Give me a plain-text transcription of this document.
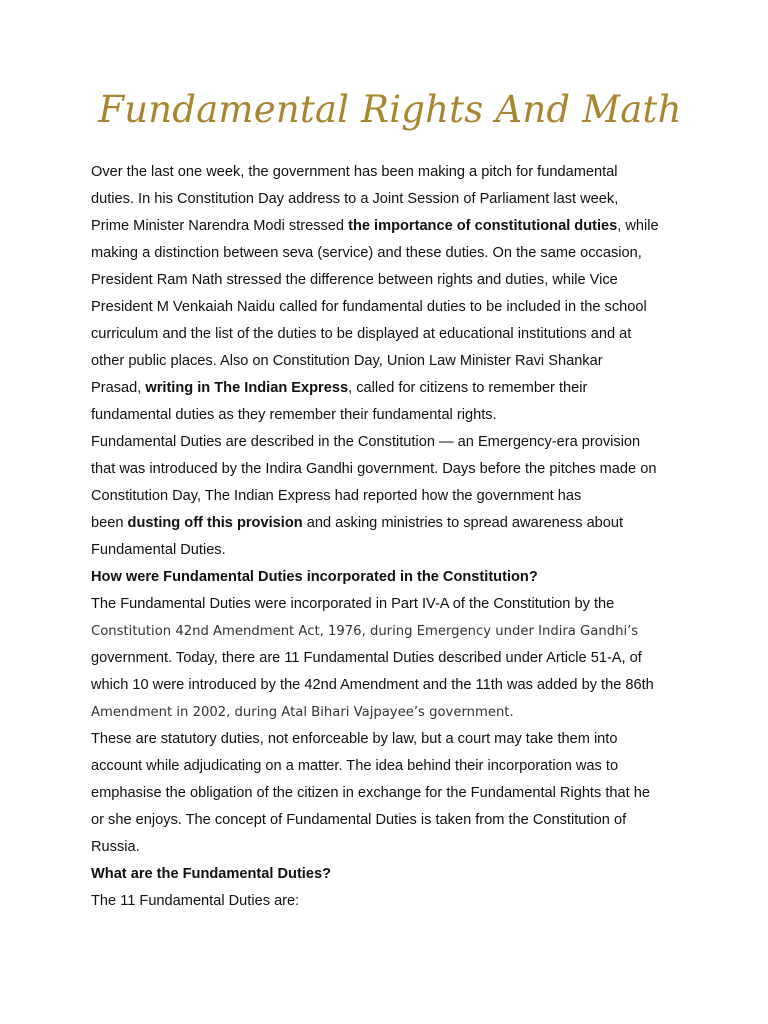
Fundamental Rights And Math
Over the last one week, the government has been making a pitch for fundamental
duties. In his Constitution Day address to a Joint Session of Parliament last week,
Prime Minister Narendra Modi stressed the importance of constitutional duties, while
making a distinction between seva (service) and these duties. On the same occasion,
President Ram Nath stressed the difference between rights and duties, while Vice
President M Venkaiah Naidu called for fundamental duties to be included in the school
curriculum and the list of the duties to be displayed at educational institutions and at
other public places. Also on Constitution Day, Union Law Minister Ravi Shankar
Prasad, writing in The Indian Express, called for citizens to remember their
fundamental duties as they remember their fundamental rights.
Fundamental Duties are described in the Constitution — an Emergency-era provision
that was introduced by the Indira Gandhi government. Days before the pitches made on
Constitution Day, The Indian Express had reported how the government has
been dusting off this provision and asking ministries to spread awareness about
Fundamental Duties.
How were Fundamental Duties incorporated in the Constitution?
The Fundamental Duties were incorporated in Part IV-A of the Constitution by the
Constitution 42nd Amendment Act, 1976, during Emergency under Indira Gandhi’s
government. Today, there are 11 Fundamental Duties described under Article 51-A, of
which 10 were introduced by the 42nd Amendment and the 11th was added by the 86th
Amendment in 2002, during Atal Bihari Vajpayee’s government.
These are statutory duties, not enforceable by law, but a court may take them into
account while adjudicating on a matter. The idea behind their incorporation was to
emphasise the obligation of the citizen in exchange for the Fundamental Rights that he
or she enjoys. The concept of Fundamental Duties is taken from the Constitution of
Russia.
What are the Fundamental Duties?
The 11 Fundamental Duties are:
